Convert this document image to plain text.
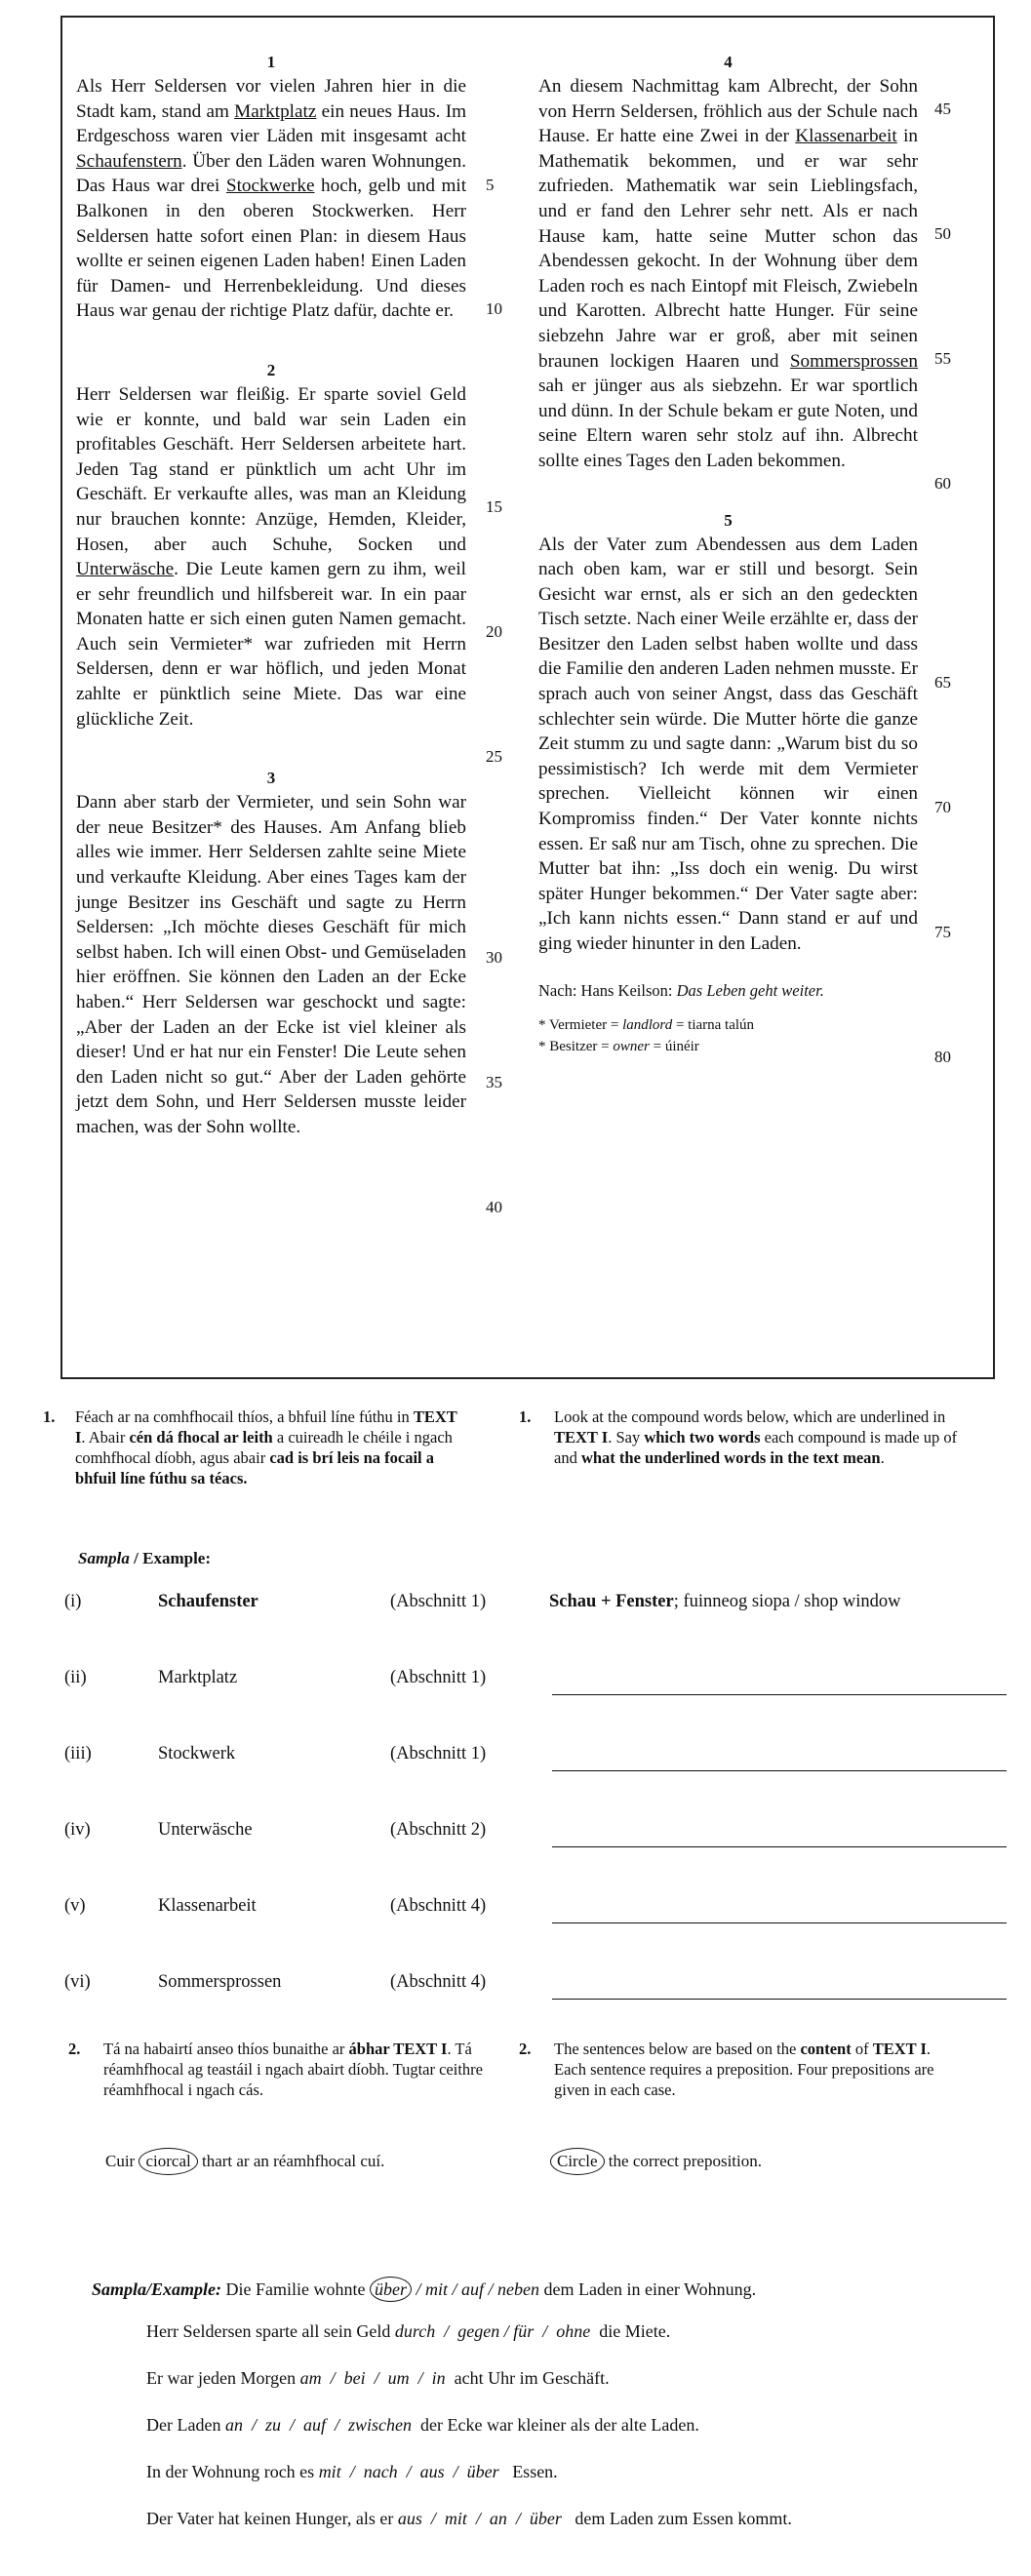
1

Als Herr Seldersen vor vielen Jahren hier in die Stadt kam, stand am Marktplatz ein neues Haus. Im Erdgeschoss waren vier Läden mit insgesamt acht Schaufenstern. Über den Läden waren Wohnungen. Das Haus war drei Stockwerke hoch, gelb und mit Balkonen in den oberen Stockwerken. Herr Seldersen hatte sofort einen Plan: in diesem Haus wollte er seinen eigenen Laden haben! Einen Laden für Damen- und Herrenbekleidung. Und dieses Haus war genau der richtige Platz dafür, dachte er.

2

Herr Seldersen war fleißig. Er sparte soviel Geld wie er konnte, und bald war sein Laden ein profitables Geschäft. Herr Seldersen arbeitete hart. Jeden Tag stand er pünktlich um acht Uhr im Geschäft. Er verkaufte alles, was man an Kleidung nur brauchen konnte: Anzüge, Hemden, Kleider, Hosen, aber auch Schuhe, Socken und Unterwäsche. Die Leute kamen gern zu ihm, weil er sehr freundlich und hilfsbereit war. In ein paar Monaten hatte er sich einen guten Namen gemacht. Auch sein Vermieter* war zufrieden mit Herrn Seldersen, denn er war höflich, und jeden Monat zahlte er pünktlich seine Miete. Das war eine glückliche Zeit.

3

Dann aber starb der Vermieter, und sein Sohn war der neue Besitzer* des Hauses. Am Anfang blieb alles wie immer. Herr Seldersen zahlte seine Miete und verkaufte Kleidung. Aber eines Tages kam der junge Besitzer ins Geschäft und sagte zu Herrn Seldersen: „Ich möchte dieses Geschäft für mich selbst haben. Ich will einen Obst- und Gemüseladen hier eröffnen. Sie können den Laden an der Ecke haben.“ Herr Seldersen war geschockt und sagte: „Aber der Laden an der Ecke ist viel kleiner als dieser! Und er hat nur ein Fenster! Die Leute sehen den Laden nicht so gut.“ Aber der Laden gehörte jetzt dem Sohn, und Herr Seldersen musste leider machen, was der Sohn wollte.

4

An diesem Nachmittag kam Albrecht, der Sohn von Herrn Seldersen, fröhlich aus der Schule nach Hause. Er hatte eine Zwei in der Klassenarbeit in Mathematik bekommen, und er war sehr zufrieden. Mathematik war sein Lieblingsfach, und er fand den Lehrer sehr nett. Als er nach Hause kam, hatte seine Mutter schon das Abendessen gekocht. In der Wohnung über dem Laden roch es nach Eintopf mit Fleisch, Zwiebeln und Karotten. Albrecht hatte Hunger. Für seine siebzehn Jahre war er groß, aber mit seinen braunen lockigen Haaren und Sommersprossen sah er jünger aus als siebzehn. Er war sportlich und dünn. In der Schule bekam er gute Noten, und seine Eltern waren sehr stolz auf ihn. Albrecht sollte eines Tages den Laden bekommen.

5

Als der Vater zum Abendessen aus dem Laden nach oben kam, war er still und besorgt. Sein Gesicht war ernst, als er sich an den gedeckten Tisch setzte. Nach einer Weile erzählte er, dass der Besitzer den Laden selbst haben wollte und dass die Familie den anderen Laden nehmen musste. Er sprach auch von seiner Angst, dass das Geschäft schlechter sein würde. Die Mutter hörte die ganze Zeit stumm zu und sagte dann: „Warum bist du so pessimistisch? Ich werde mit dem Vermieter sprechen. Vielleicht können wir einen Kompromiss finden.“ Der Vater konnte nichts essen. Er saß nur am Tisch, ohne zu sprechen. Die Mutter bat ihn: „Iss doch ein wenig. Du wirst später Hunger bekommen.“ Der Vater sagte aber: „Ich kann nichts essen.“ Dann stand er auf und ging wieder hinunter in den Laden.

Nach: Hans Keilson: Das Leben geht weiter.

* Vermieter = landlord = tiarna talún

* Besitzer = owner = úinéir

5
10
15
20
25
30
35
40
45
50
55
60
65
70
75
80
1. Féach ar na comhfhocail thíos, a bhfuil líne fúthu in TEXT I. Abair cén dá fhocal ar leith a cuireadh le chéile i ngach comhfhocal díobh, agus abair cad is brí leis na focail a bhfuil líne fúthu sa téacs.
1. Look at the compound words below, which are underlined in TEXT I. Say which two words each compound is made up of and what the underlined words in the text mean.
Sampla / Example:
(i)	Schaufenster	(Abschnitt 1)	Schau + Fenster; fuinneog siopa / shop window
(ii)	Marktplatz	(Abschnitt 1)
(iii)	Stockwerk	(Abschnitt 1)
(iv)	Unterwäsche	(Abschnitt 2)
(v)	Klassenarbeit	(Abschnitt 4)
(vi)	Sommersprossen	(Abschnitt 4)
2. Tá na habairtí anseo thíos bunaithe ar ábhar TEXT I. Tá réamhfhocal ag teastáil i ngach abairt díobh. Tugtar ceithre réamhfhocal i ngach cás.
2. The sentences below are based on the content of TEXT I. Each sentence requires a preposition. Four prepositions are given in each case.
Cuir ciorcal thart ar an réamhfhocal cuí.	Circle the correct preposition.
Sampla/Example: Die Familie wohnte über / mit / auf / neben dem Laden in einer Wohnung.
Herr Seldersen sparte all sein Geld durch  /  gegen / für  /  ohne  die Miete.
Er war jeden Morgen am  /  bei  /  um  /  in  acht Uhr im Geschäft.
Der Laden an  /  zu  /  auf  /  zwischen  der Ecke war kleiner als der alte Laden.
In der Wohnung roch es mit  /  nach  /  aus  /  über   Essen.
Der Vater hat keinen Hunger, als er aus  /  mit  /  an  /  über   dem Laden zum Essen kommt.
